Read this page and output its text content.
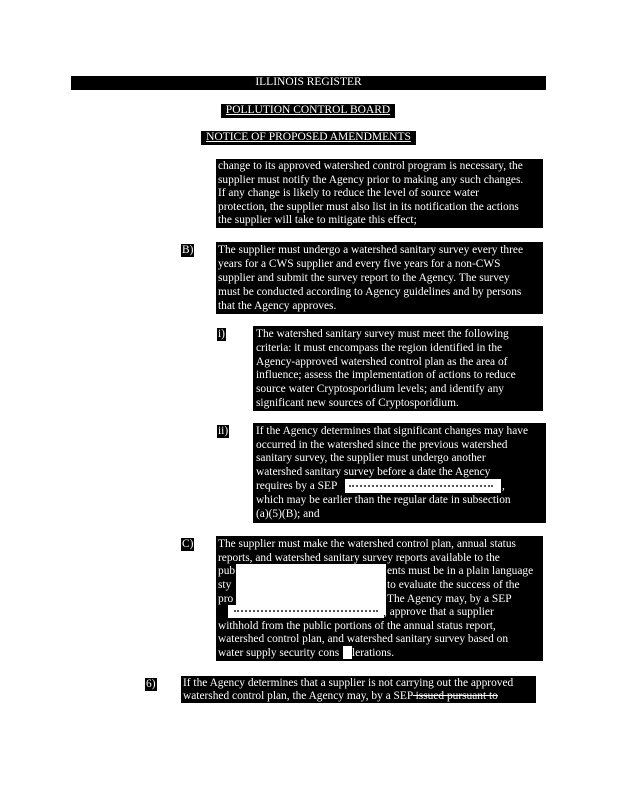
ILLINOIS REGISTER
POLLUTION CONTROL BOARD
NOTICE OF PROPOSED AMENDMENTS
change to its approved watershed control program is necessary, the
supplier must notify the Agency prior to making any such changes.
If any change is likely to reduce the level of source water
protection, the supplier must also list in its notification the actions
the supplier will take to mitigate this effect;
B) The supplier must undergo a watershed sanitary survey every three
years for a CWS supplier and every five years for a non-CWS
supplier and submit the survey report to the Agency. The survey
must be conducted according to Agency guidelines and by persons
that the Agency approves.
i)	The watershed sanitary survey must meet the following
criteria: it must encompass the region identified in the
Agency-approved watershed control plan as the area of
influence; assess the implementation of actions to reduce
source water Cryptosporidium levels; and identify any
significant new sources of Cryptosporidium.
ii) If the Agency determines that significant changes may have
occurred in the watershed since the previous watershed
sanitary survey, the supplier must undergo another
watershed sanitary survey before a date the Agency
requires by a SEP	,
which may be earlier than the regular date in subsection
(a)(5)(B); and
C) The supplier must make the watershed control plan, annual status
reports, and watershed sanitary survey reports available to the
pub	ents must be in a plain language
sty	to evaluate the success of the
pro	The Agency may, by a SEP
, approve that a supplier
withhold from the public portions of the annual status report,
watershed control plan, and watershed sanitary survey based on
water supply security cons lerations.
6) If the Agency determines that a supplier is not carrying out the approved
watershed control plan, the Agency may, by a SEP issued pursuant to
